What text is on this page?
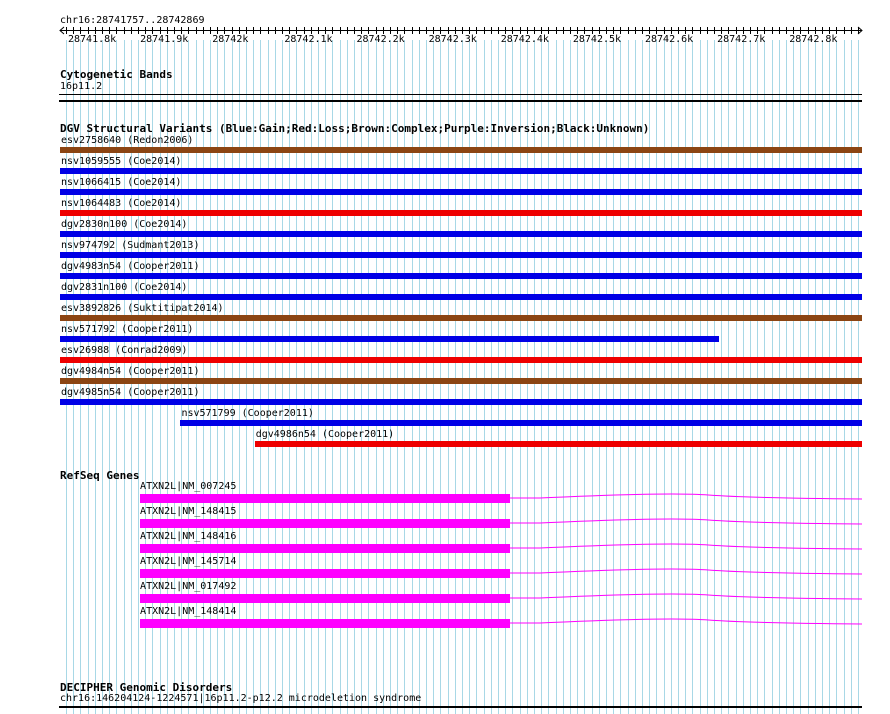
chr16:28741757..28742869
28741.8k 28741.9k 28742k	28742.1k 28742.2k 28742.3k 28742.4k 28742.5k 28742.6k 28742.7k 28742.8k
Cytogenetic Bands
16p11.2
DGV Structural Variants (Blue:Gain;Red:Loss;Brown:Complex;Purple:Inversion;Black:Unknown)
esv2758640 (Redon2006)
nsv1059555 (Coe2014)
nsv1066415 (Coe2014)
nsv1064483 (Coe2014)
dgv2830n100 (Coe2014)
nsv974792 (Sudmant2013)
dgv4983n54 (Cooper2011)
dgv2831n100 (Coe2014)
esv3892826 (Suktitipat2014)
nsv571792 (Cooper2011)
esv26988 (Conrad2009)
dgv4984n54 (Cooper2011)
dgv4985n54 (Cooper2011)
nsv571799 (Cooper2011)
dgv4986n54 (Cooper2011)
RefSeq Genes
ATXN2L|NM_007245
ATXN2L|NM_148415
ATXN2L|NM_148416
ATXN2L|NM_145714
ATXN2L|NM_017492
ATXN2L|NM_148414
DECIPHER Genomic Disorders
chr16:146204124-1224571|16p11.2-p12.2 microdeletion syndrome
